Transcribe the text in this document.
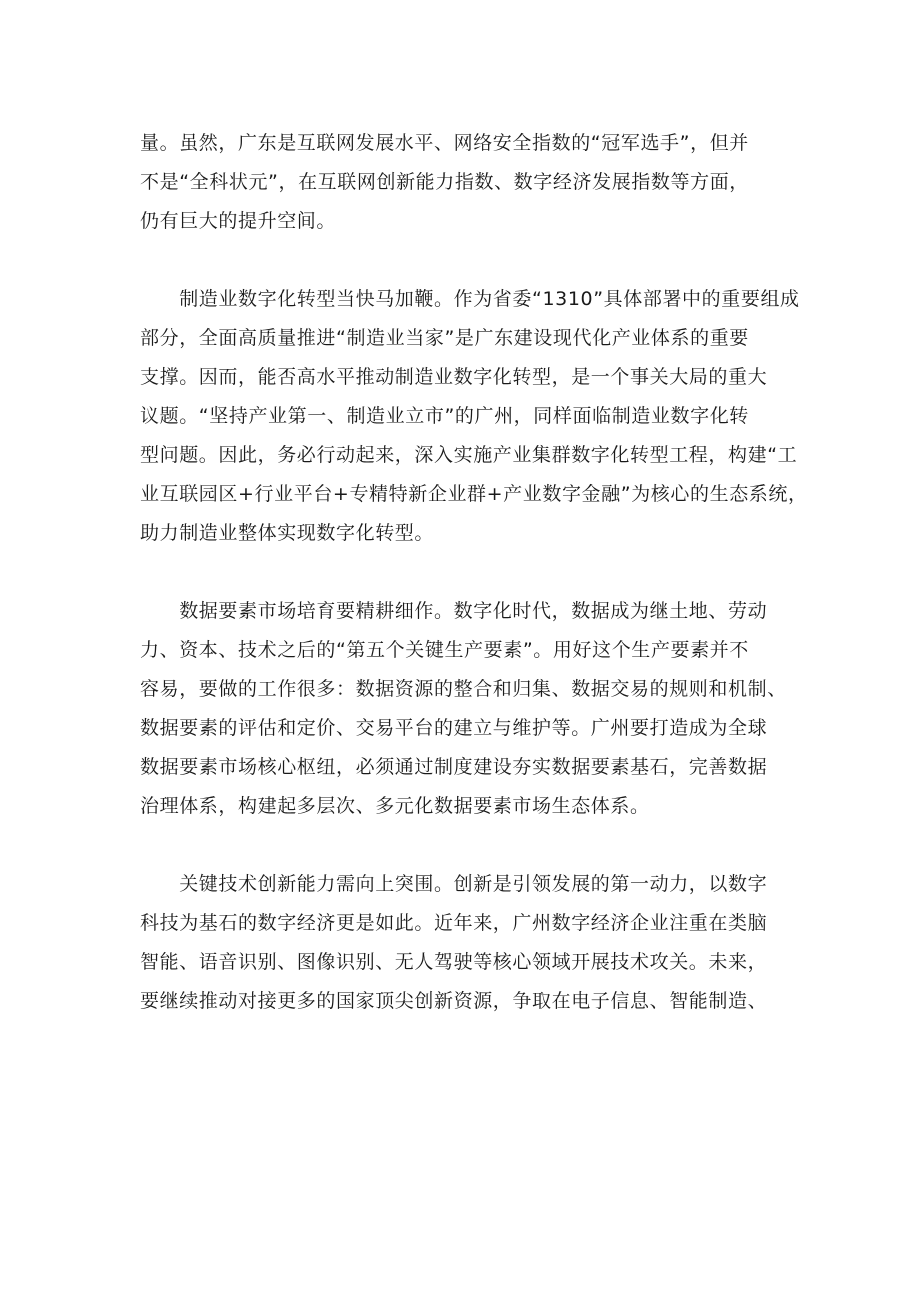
量。虽然，广东是互联网发展水平、网络安全指数的“冠军选手”，但并
不是“全科状元”，在互联网创新能力指数、数字经济发展指数等方面，
仍有巨大的提升空间。

　　制造业数字化转型当快马加鞭。作为省委“1310”具体部署中的重要组成
部分，全面高质量推进“制造业当家”是广东建设现代化产业体系的重要
支撑。因而，能否高水平推动制造业数字化转型，是一个事关大局的重大
议题。“坚持产业第一、制造业立市”的广州，同样面临制造业数字化转
型问题。因此，务必行动起来，深入实施产业集群数字化转型工程，构建“工
业互联园区+行业平台+专精特新企业群+产业数字金融”为核心的生态系统，
助力制造业整体实现数字化转型。

　　数据要素市场培育要精耕细作。数字化时代，数据成为继土地、劳动
力、资本、技术之后的“第五个关键生产要素”。用好这个生产要素并不
容易，要做的工作很多：数据资源的整合和归集、数据交易的规则和机制、
数据要素的评估和定价、交易平台的建立与维护等。广州要打造成为全球
数据要素市场核心枢纽，必须通过制度建设夯实数据要素基石，完善数据
治理体系，构建起多层次、多元化数据要素市场生态体系。

　　关键技术创新能力需向上突围。创新是引领发展的第一动力，以数字
科技为基石的数字经济更是如此。近年来，广州数字经济企业注重在类脑
智能、语音识别、图像识别、无人驾驶等核心领域开展技术攻关。未来，
要继续推动对接更多的国家顶尖创新资源，争取在电子信息、智能制造、
